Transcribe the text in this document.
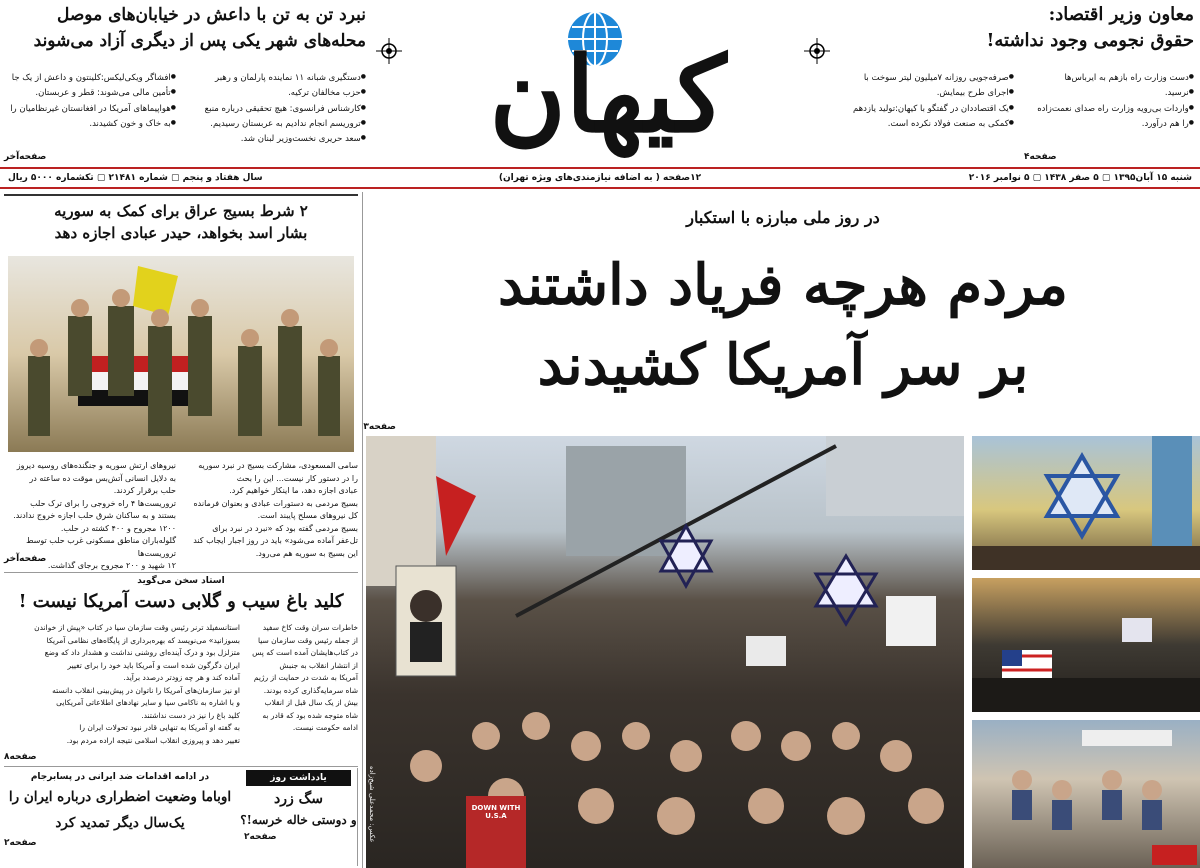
معاون وزیر اقتصاد:
حقوق نجومی وجود نداشته!
● دست وزارت راه بازهم به ایرباس‌ها
● نرسید.
● واردات بی‌رویه وزارت راه صدای نعمت‌زاده
● را هم درآورد.
● صرفه‌جویی روزانه ۷میلیون لیتر سوخت با
● اجرای طرح بیمایش.
● یک اقتصاددان در گفتگو با کیهان:تولید یازدهم
● کمکی به صنعت فولاد نکرده است.
صفحه۴
کیهان
نبرد تن به تن با داعش در خیابان‌های موصل
محله‌های شهر یکی پس از دیگری آزاد می‌شوند
● دستگیری شبانه ۱۱ نماینده پارلمان و رهبر
● حزب مخالفان ترکیه.
● کارشناس فرانسوی: هیچ تحقیقی درباره منبع
● تروریسم انجام ندادیم به عربستان رسیدیم.
● سعد حریری نخست‌وزیر لبنان شد.
● افشاگر ویکی‌لیکس:کلینتون و داعش از یک جا
● تأمین مالی می‌شوند: قطر و عربستان.
● هواپیماهای آمریکا در افغانستان غیرنظامیان را
● به خاک و خون کشیدند.
صفحه‌آخر
شنبه ۱۵ آبان۱۳۹۵ ▢ ۵ صفر ۱۴۳۸ ▢ ۵ نوامبر ۲۰۱۶
۱۲صفحه ( به اضافه نیازمندی‌های ویژه تهران)
سال هفتاد و پنجم ▢ شماره ۲۱۴۸۱ ▢ تکشماره ۵۰۰۰ ریال
در روز ملی مبارزه با استکبار
مردم هرچه فریاد داشتند
بر سر آمریکا کشیدند
صفحه۳
DOWN WITH U.S.A
عکس: محمدعلی شیخ‌زاده
۲ شرط بسیج عراق برای کمک به سوریه
بشار اسد بخواهد، حیدر عبادی اجازه دهد
سامی المسعودی، مشارکت بسیج در نبرد سوریه
را در دستور کار نیست... این را بحث
عبادی اجازه دهد، ما اینکار خواهیم کرد.
بسیج مردمی به دستورات عبادی و بعنوان فرمانده
کل نیروهای مسلح پایبند است.
بسیج مردمی گفته بود که «نبرد در نبرد برای
تل‌عفر آماده می‌شود» باید در روز اجبار ایجاب کند
این بسیج به سوریه هم می‌رود.
نیروهای ارتش سوریه و جنگنده‌های روسیه دیروز
به دلایل انسانی آتش‌بس موقت ده ساعته در
حلب برقرار کردند.
تروریست‌ها ۴ راه خروجی را برای ترک حلب
بستند و به ساکنان شرق حلب اجازه خروج ندادند.
۱۲۰۰ مجروح و ۴۰۰ کشته در حلب.
گلوله‌باران مناطق مسکونی غرب حلب توسط تروریست‌ها
۱۲ شهید و ۲۰۰ مجروح برجای گذاشت.
صفحه‌آخر
استاد سخن می‌گوید
کلید باغ سیب و گلابی دست آمریکا نیست !
خاطرات سران وقت کاخ سفید
از جمله رئیس وقت سازمان سیا
در کتاب‌هایشان آمده است که پس
از انتشار انقلاب به جنبش
آمریکا به شدت در حمایت از رژیم
شاه سرمایه‌گذاری کرده بودند.
بیش از یک سال قبل از انقلاب
شاه متوجه شده بود که قادر به
ادامه حکومت نیست.
استانسفیلد ترنر رئیس وقت سازمان سیا در کتاب «پیش از خواندن
بسوزانید» می‌نویسد که بهره‌برداری از پایگاه‌های نظامی آمریکا
متزلزل بود و درک آینده‌ای روشنی نداشت و هشدار داد که وضع
ایران دگرگون شده است و آمریکا باید خود را برای تغییر
آماده کند و هر چه زودتر درصدد برآید.
او نیز سازمان‌های آمریکا را ناتوان در پیش‌بینی انقلاب دانسته
و با اشاره به ناکامی سیا و سایر نهادهای اطلاعاتی آمریکایی
کلید باغ را نیز در دست نداشتند.
به گفته او آمریکا به تنهایی قادر نبود تحولات ایران را
تغییر دهد و پیروزی انقلاب اسلامی نتیجه اراده مردم بود.
صفحه۸
یادداشت روز
سگ زرد
و دوستی خاله خرسه!؟
صفحه۲
در ادامه اقدامات ضد ایرانی در پسابرجام
اوباما وضعیت اضطراری درباره ایران را
یک‌سال دیگر تمدید کرد
صفحه۲
